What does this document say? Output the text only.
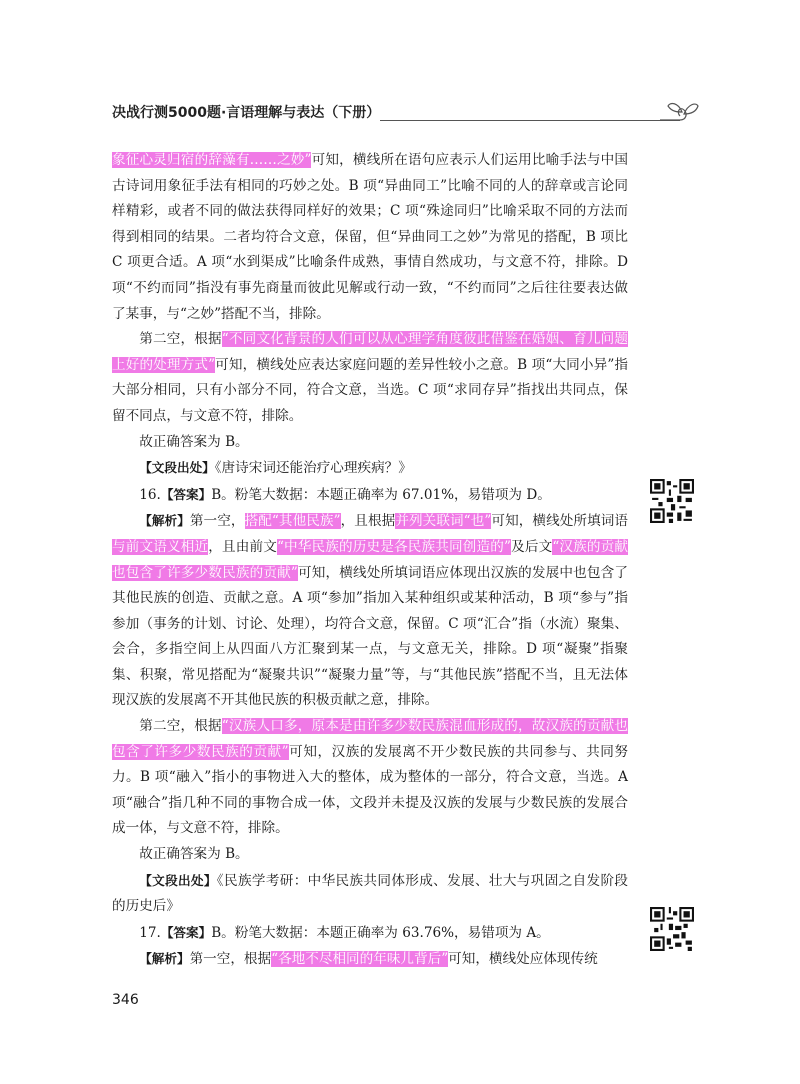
决战行测5000题·言语理解与表达（下册）

象征心灵归宿的辞藻有……之妙”可知，横线所在语句应表示人们运用比喻手法与中国古诗词用象征手法有相同的巧妙之处。B 项“异曲同工”比喻不同的人的辞章或言论同样精彩，或者不同的做法获得同样好的效果；C 项“殊途同归”比喻采取不同的方法而得到相同的结果。二者均符合文意，保留，但“异曲同工之妙”为常见的搭配，B 项比 C 项更合适。A 项“水到渠成”比喻条件成熟，事情自然成功，与文意不符，排除。D 项“不约而同”指没有事先商量而彼此见解或行动一致，“不约而同”之后往往要表达做了某事，与“之妙”搭配不当，排除。

第二空，根据“不同文化背景的人们可以从心理学角度彼此借鉴在婚姻、育儿问题上好的处理方式”可知，横线处应表达家庭问题的差异性较小之意。B 项“大同小异”指大部分相同，只有小部分不同，符合文意，当选。C 项“求同存异”指找出共同点，保留不同点，与文意不符，排除。

故正确答案为 B。

【文段出处】《唐诗宋词还能治疗心理疾病？》

16.【答案】B。粉笔大数据：本题正确率为 67.01%，易错项为 D。

【解析】第一空，搭配“其他民族”，且根据并列关联词“也”可知，横线处所填词语与前文语义相近，且由前文“中华民族的历史是各民族共同创造的”及后文“汉族的贡献也包含了许多少数民族的贡献”可知，横线处所填词语应体现出汉族的发展中也包含了其他民族的创造、贡献之意。A 项“参加”指加入某种组织或某种活动，B 项“参与”指参加（事务的计划、讨论、处理），均符合文意，保留。C 项“汇合”指（水流）聚集、会合，多指空间上从四面八方汇聚到某一点，与文意无关，排除。D 项“凝聚”指聚集、积聚，常见搭配为“凝聚共识”“凝聚力量”等，与“其他民族”搭配不当，且无法体现汉族的发展离不开其他民族的积极贡献之意，排除。

第二空，根据“汉族人口多，原本是由许多少数民族混血形成的，故汉族的贡献也包含了许多少数民族的贡献”可知，汉族的发展离不开少数民族的共同参与、共同努力。B 项“融入”指小的事物进入大的整体，成为整体的一部分，符合文意，当选。A 项“融合”指几种不同的事物合成一体，文段并未提及汉族的发展与少数民族的发展合成一体，与文意不符，排除。

故正确答案为 B。

【文段出处】《民族学考研：中华民族共同体形成、发展、壮大与巩固之自发阶段的历史后》

17.【答案】B。粉笔大数据：本题正确率为 63.76%，易错项为 A。

【解析】第一空，根据“各地不尽相同的年味儿背后”可知，横线处应体现传统

346
